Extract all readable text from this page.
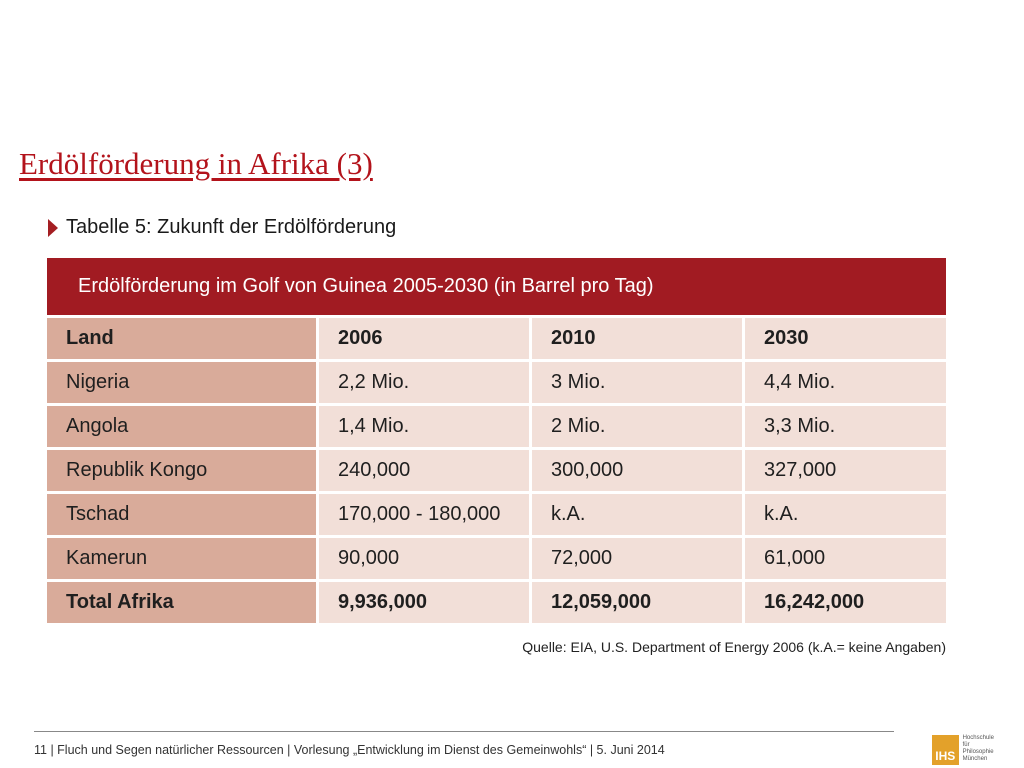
Erdölförderung in Afrika (3)
Tabelle 5: Zukunft der Erdölförderung
Erdölförderung im Golf von Guinea 2005-2030 (in Barrel pro Tag)
Land	2006	2010	2030
Nigeria	2,2 Mio.	3 Mio.	4,4 Mio.
Angola	1,4 Mio.	2 Mio.	3,3 Mio.
Republik Kongo	240,000	300,000	327,000
Tschad	170,000 - 180,000	k.A.	k.A.
Kamerun	90,000	72,000	61,000
Total Afrika	9,936,000	12,059,000	16,242,000
Quelle: EIA, U.S. Department of Energy 2006 (k.A.= keine Angaben)
11 | Fluch und Segen natürlicher Ressourcen | Vorlesung „Entwicklung im Dienst des Gemeinwohls“ | 5. Juni 2014	IHS
Hochschule für Philosophie München
